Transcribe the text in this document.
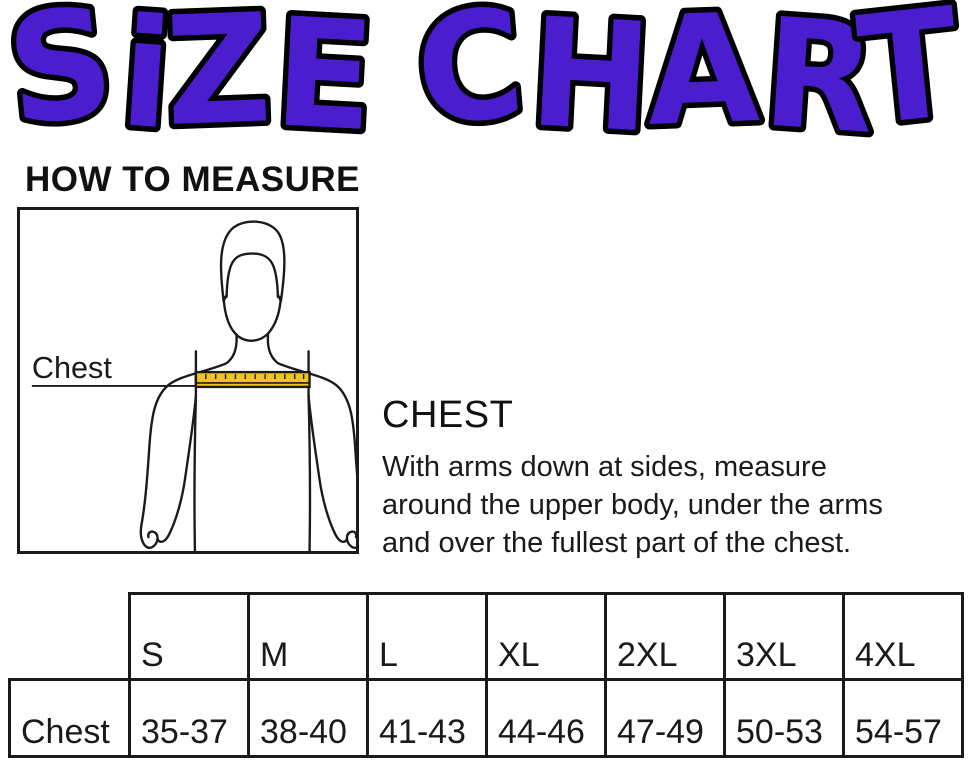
SiZE CHART
HOW TO MEASURE
Chest
CHEST
With arms down at sides, measure
around the upper body, under the arms
and over the fullest part of the chest.
	S	M	L	XL	2XL	3XL	4XL
Chest	35-37	38-40	41-43	44-46	47-49	50-53	54-57
